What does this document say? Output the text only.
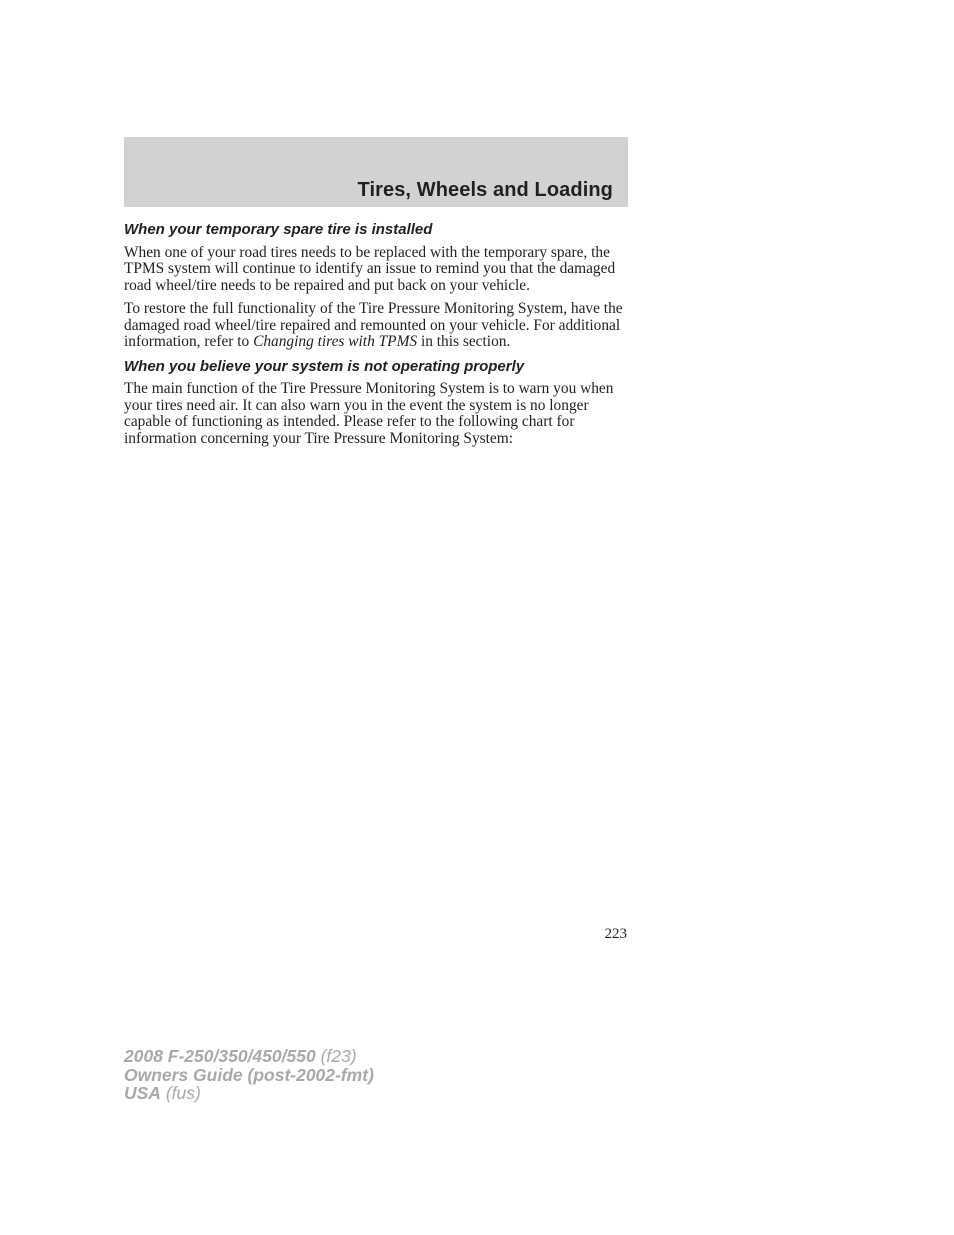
Tires, Wheels and Loading
When your temporary spare tire is installed

When one of your road tires needs to be replaced with the temporary spare, the TPMS system will continue to identify an issue to remind you that the damaged road wheel/tire needs to be repaired and put back on your vehicle.

To restore the full functionality of the Tire Pressure Monitoring System, have the damaged road wheel/tire repaired and remounted on your vehicle. For additional information, refer to Changing tires with TPMS in this section.

When you believe your system is not operating properly

The main function of the Tire Pressure Monitoring System is to warn you when your tires need air. It can also warn you in the event the system is no longer capable of functioning as intended. Please refer to the following chart for information concerning your Tire Pressure Monitoring System:

223

2008 F-250/350/450/550 (f23)
Owners Guide (post-2002-fmt)
USA (fus)
